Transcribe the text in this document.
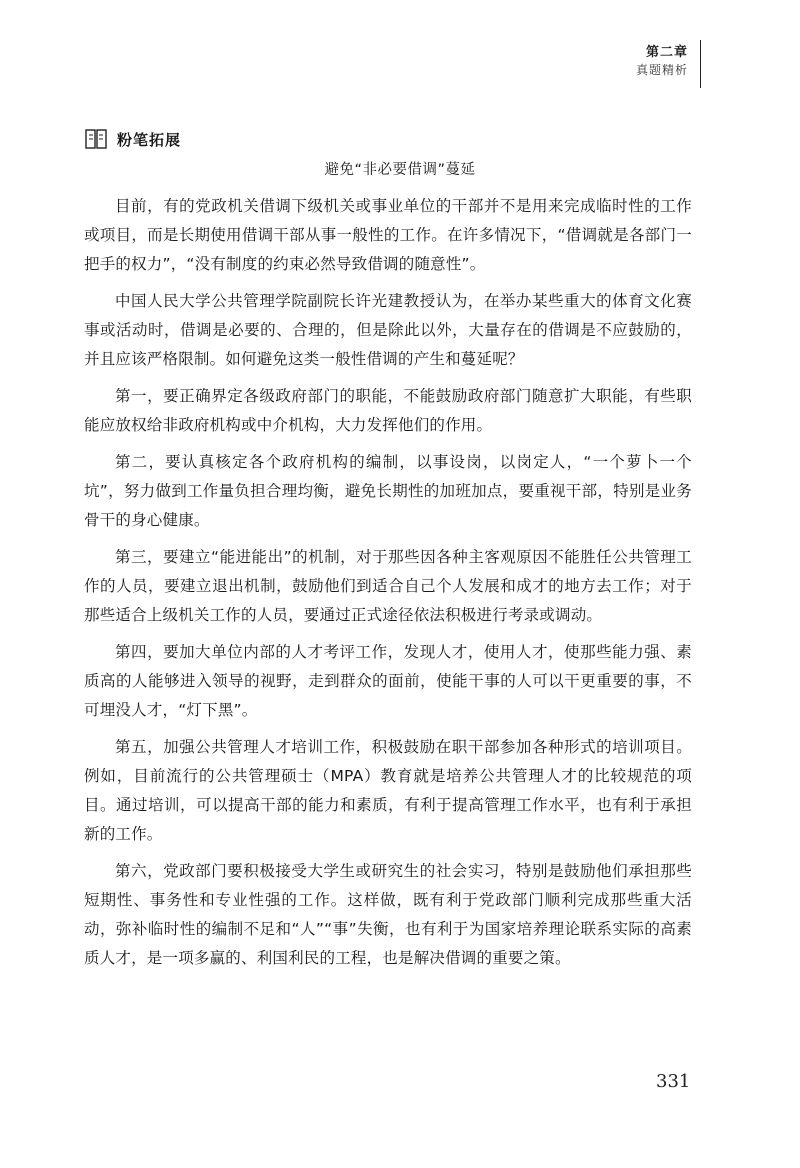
第二章
真题精析
粉笔拓展
避免“非必要借调”蔓延

目前，有的党政机关借调下级机关或事业单位的干部并不是用来完成临时性的工作或项目，而是长期使用借调干部从事一般性的工作。在许多情况下，“借调就是各部门一把手的权力”，“没有制度的约束必然导致借调的随意性”。

中国人民大学公共管理学院副院长许光建教授认为，在举办某些重大的体育文化赛事或活动时，借调是必要的、合理的，但是除此以外，大量存在的借调是不应鼓励的，并且应该严格限制。如何避免这类一般性借调的产生和蔓延呢？

第一，要正确界定各级政府部门的职能，不能鼓励政府部门随意扩大职能，有些职能应放权给非政府机构或中介机构，大力发挥他们的作用。

第二，要认真核定各个政府机构的编制，以事设岗，以岗定人，“一个萝卜一个坑”，努力做到工作量负担合理均衡，避免长期性的加班加点，要重视干部，特别是业务骨干的身心健康。

第三，要建立“能进能出”的机制，对于那些因各种主客观原因不能胜任公共管理工作的人员，要建立退出机制，鼓励他们到适合自己个人发展和成才的地方去工作；对于那些适合上级机关工作的人员，要通过正式途径依法积极进行考录或调动。

第四，要加大单位内部的人才考评工作，发现人才，使用人才，使那些能力强、素质高的人能够进入领导的视野，走到群众的面前，使能干事的人可以干更重要的事，不可埋没人才，“灯下黑”。

第五，加强公共管理人才培训工作，积极鼓励在职干部参加各种形式的培训项目。例如，目前流行的公共管理硕士（MPA）教育就是培养公共管理人才的比较规范的项目。通过培训，可以提高干部的能力和素质，有利于提高管理工作水平，也有利于承担新的工作。

第六，党政部门要积极接受大学生或研究生的社会实习，特别是鼓励他们承担那些短期性、事务性和专业性强的工作。这样做，既有利于党政部门顺利完成那些重大活动，弥补临时性的编制不足和“人”“事”失衡，也有利于为国家培养理论联系实际的高素质人才，是一项多赢的、利国利民的工程，也是解决借调的重要之策。

331
